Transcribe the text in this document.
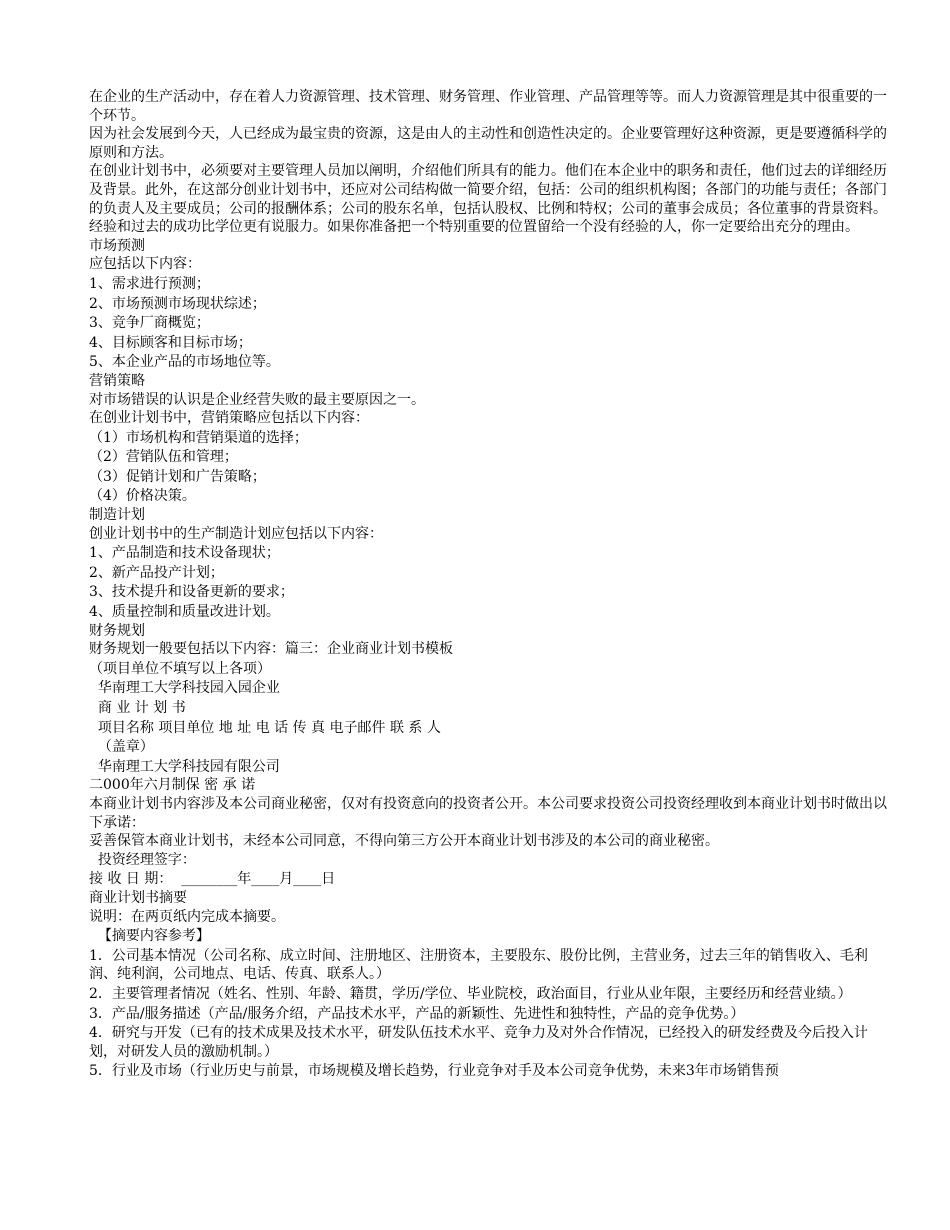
在企业的生产活动中，存在着人力资源管理、技术管理、财务管理、作业管理、产品管理等等。而人力资源管理是其中很重要的一个环节。

因为社会发展到今天，人已经成为最宝贵的资源，这是由人的主动性和创造性决定的。企业要管理好这种资源，更是要遵循科学的原则和方法。

在创业计划书中，必须要对主要管理人员加以阐明，介绍他们所具有的能力。他们在本企业中的职务和责任，他们过去的详细经历及背景。此外，在这部分创业计划书中，还应对公司结构做一简要介绍，包括：公司的组织机构图；各部门的功能与责任；各部门的负责人及主要成员；公司的报酬体系；公司的股东名单，包括认股权、比例和特权；公司的董事会成员；各位董事的背景资料。

经验和过去的成功比学位更有说服力。如果你准备把一个特别重要的位置留给一个没有经验的人，你一定要给出充分的理由。

市场预测

应包括以下内容：

1、需求进行预测；

2、市场预测市场现状综述；

3、竞争厂商概览；

4、目标顾客和目标市场；

5、本企业产品的市场地位等。

营销策略

对市场错误的认识是企业经营失败的最主要原因之一。

在创业计划书中，营销策略应包括以下内容：

（1）市场机构和营销渠道的选择；

（2）营销队伍和管理；

（3）促销计划和广告策略；

（4）价格决策。

制造计划

创业计划书中的生产制造计划应包括以下内容：

1、产品制造和技术设备现状；

2、新产品投产计划；

3、技术提升和设备更新的要求；

4、质量控制和质量改进计划。

财务规划

财务规划一般要包括以下内容：篇三：企业商业计划书模板

（项目单位不填写以上各项）

华南理工大学科技园入园企业

商 业 计 划 书

项目名称 项目单位 地 址 电 话 传 真 电子邮件 联 系 人

（盖章）

华南理工大学科技园有限公司

二000年六月制保 密 承 诺

本商业计划书内容涉及本公司商业秘密，仅对有投资意向的投资者公开。本公司要求投资公司投资经理收到本商业计划书时做出以下承诺：

妥善保管本商业计划书，未经本公司同意，不得向第三方公开本商业计划书涉及的本公司的商业秘密。

投资经理签字：

接 收 日 期：  ________年____月____日

商业计划书摘要

说明：在两页纸内完成本摘要。

【摘要内容参考】

1．公司基本情况（公司名称、成立时间、注册地区、注册资本，主要股东、股份比例，主营业务，过去三年的销售收入、毛利润、纯利润，公司地点、电话、传真、联系人。）

2．主要管理者情况（姓名、性别、年龄、籍贯，学历/学位、毕业院校，政治面目，行业从业年限，主要经历和经营业绩。）

3．产品/服务描述（产品/服务介绍，产品技术水平，产品的新颖性、先进性和独特性，产品的竞争优势。）

4．研究与开发（已有的技术成果及技术水平，研发队伍技术水平、竞争力及对外合作情况，已经投入的研发经费及今后投入计划，对研发人员的激励机制。）

5．行业及市场（行业历史与前景，市场规模及增长趋势，行业竞争对手及本公司竞争优势，未来3年市场销售预
